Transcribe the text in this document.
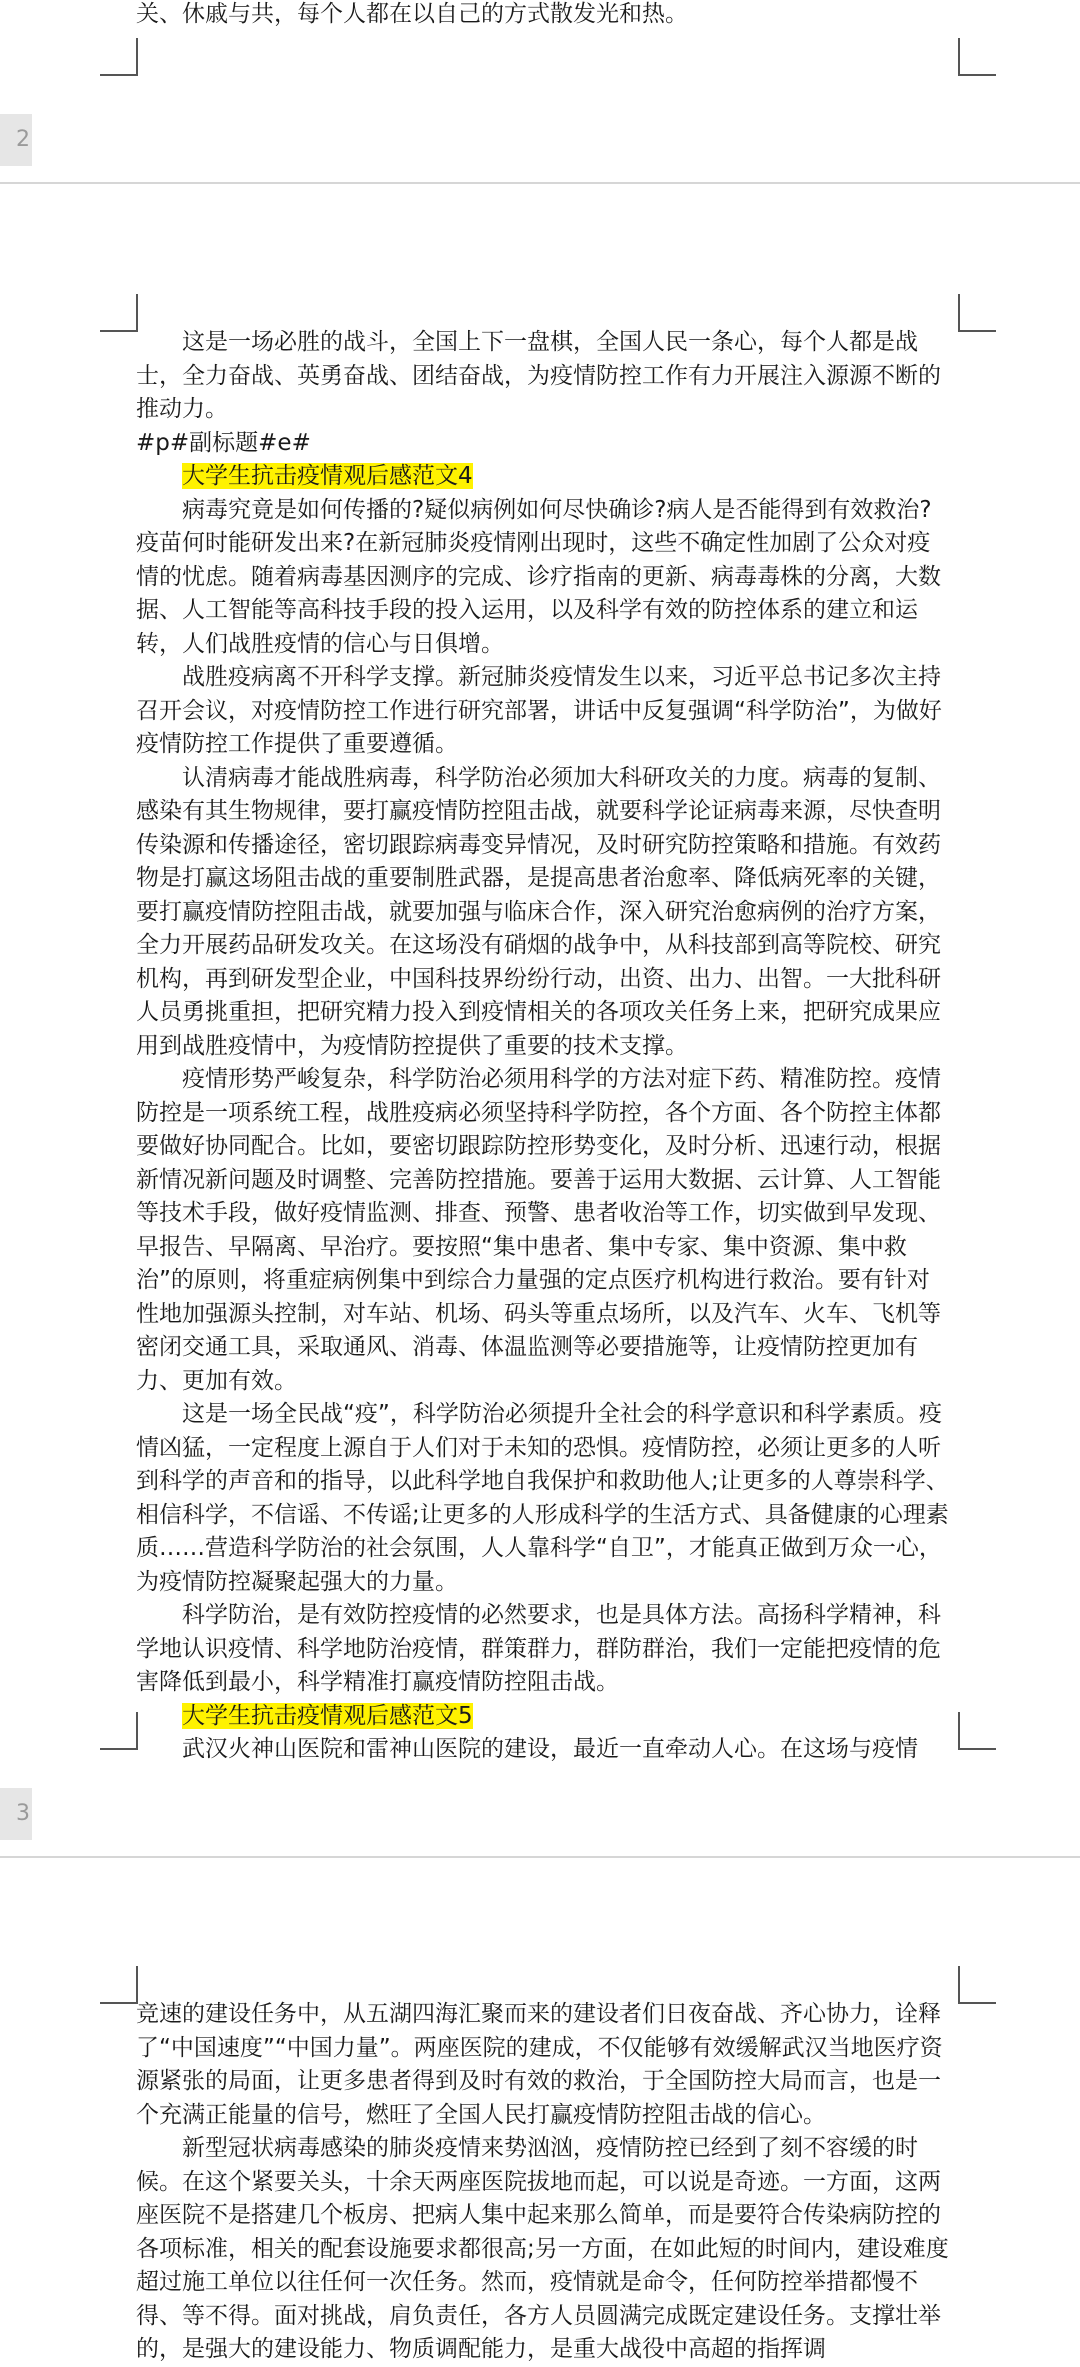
关、休戚与共，每个人都在以自己的方式散发光和热。

2

这是一场必胜的战斗，全国上下一盘棋，全国人民一条心，每个人都是战士，全力奋战、英勇奋战、团结奋战，为疫情防控工作有力开展注入源源不断的推动力。

#p#副标题#e#

大学生抗击疫情观后感范文4

病毒究竟是如何传播的?疑似病例如何尽快确诊?病人是否能得到有效救治?疫苗何时能研发出来?在新冠肺炎疫情刚出现时，这些不确定性加剧了公众对疫情的忧虑。随着病毒基因测序的完成、诊疗指南的更新、病毒毒株的分离，大数据、人工智能等高科技手段的投入运用，以及科学有效的防控体系的建立和运转，人们战胜疫情的信心与日俱增。

战胜疫病离不开科学支撑。新冠肺炎疫情发生以来，习近平总书记多次主持召开会议，对疫情防控工作进行研究部署，讲话中反复强调“科学防治”，为做好疫情防控工作提供了重要遵循。

认清病毒才能战胜病毒，科学防治必须加大科研攻关的力度。病毒的复制、感染有其生物规律，要打赢疫情防控阻击战，就要科学论证病毒来源，尽快查明传染源和传播途径，密切跟踪病毒变异情况，及时研究防控策略和措施。有效药物是打赢这场阻击战的重要制胜武器，是提高患者治愈率、降低病死率的关键，要打赢疫情防控阻击战，就要加强与临床合作，深入研究治愈病例的治疗方案，全力开展药品研发攻关。在这场没有硝烟的战争中，从科技部到高等院校、研究机构，再到研发型企业，中国科技界纷纷行动，出资、出力、出智。一大批科研人员勇挑重担，把研究精力投入到疫情相关的各项攻关任务上来，把研究成果应用到战胜疫情中，为疫情防控提供了重要的技术支撑。

疫情形势严峻复杂，科学防治必须用科学的方法对症下药、精准防控。疫情防控是一项系统工程，战胜疫病必须坚持科学防控，各个方面、各个防控主体都要做好协同配合。比如，要密切跟踪防控形势变化，及时分析、迅速行动，根据新情况新问题及时调整、完善防控措施。要善于运用大数据、云计算、人工智能等技术手段，做好疫情监测、排查、预警、患者收治等工作，切实做到早发现、早报告、早隔离、早治疗。要按照“集中患者、集中专家、集中资源、集中救治”的原则，将重症病例集中到综合力量强的定点医疗机构进行救治。要有针对性地加强源头控制，对车站、机场、码头等重点场所，以及汽车、火车、飞机等密闭交通工具，采取通风、消毒、体温监测等必要措施等，让疫情防控更加有力、更加有效。

这是一场全民战“疫”，科学防治必须提升全社会的科学意识和科学素质。疫情凶猛，一定程度上源自于人们对于未知的恐惧。疫情防控，必须让更多的人听到科学的声音和的指导，以此科学地自我保护和救助他人;让更多的人尊崇科学、相信科学，不信谣、不传谣;让更多的人形成科学的生活方式、具备健康的心理素质……营造科学防治的社会氛围，人人靠科学“自卫”，才能真正做到万众一心，为疫情防控凝聚起强大的力量。

科学防治，是有效防控疫情的必然要求，也是具体方法。高扬科学精神，科学地认识疫情、科学地防治疫情，群策群力，群防群治，我们一定能把疫情的危害降低到最小，科学精准打赢疫情防控阻击战。

大学生抗击疫情观后感范文5

武汉火神山医院和雷神山医院的建设，最近一直牵动人心。在这场与疫情

3

竞速的建设任务中，从五湖四海汇聚而来的建设者们日夜奋战、齐心协力，诠释了“中国速度”“中国力量”。两座医院的建成，不仅能够有效缓解武汉当地医疗资源紧张的局面，让更多患者得到及时有效的救治，于全国防控大局而言，也是一个充满正能量的信号，燃旺了全国人民打赢疫情防控阻击战的信心。

新型冠状病毒感染的肺炎疫情来势汹汹，疫情防控已经到了刻不容缓的时候。在这个紧要关头，十余天两座医院拔地而起，可以说是奇迹。一方面，这两座医院不是搭建几个板房、把病人集中起来那么简单，而是要符合传染病防控的各项标准，相关的配套设施要求都很高;另一方面，在如此短的时间内，建设难度超过施工单位以往任何一次任务。然而，疫情就是命令，任何防控举措都慢不得、等不得。面对挑战，肩负责任，各方人员圆满完成既定建设任务。支撑壮举的，是强大的建设能力、物质调配能力，是重大战役中高超的指挥调
